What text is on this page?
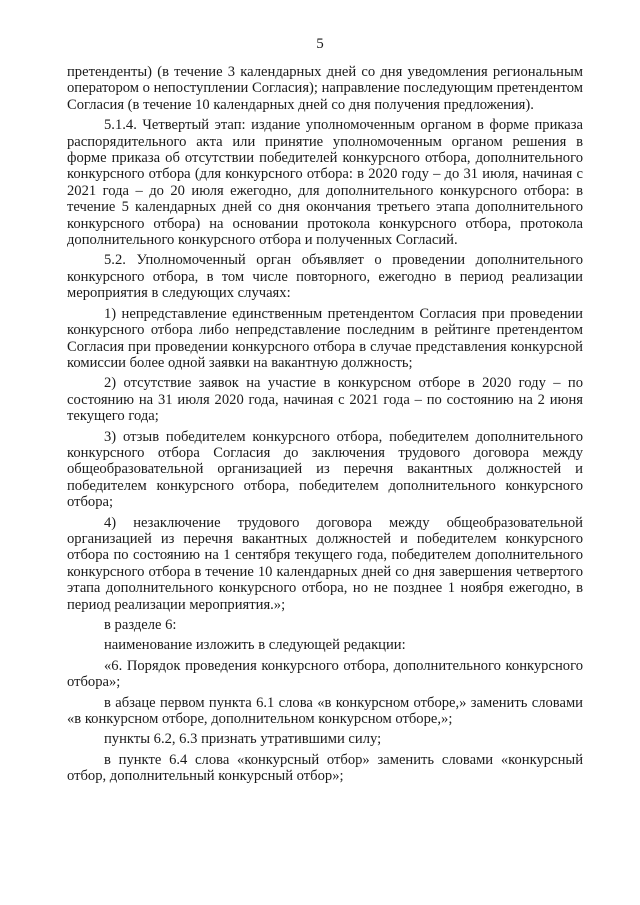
5

претенденты) (в течение 3 календарных дней со дня уведомления региональным оператором о непоступлении Согласия); направление последующим претендентом Согласия (в течение 10 календарных дней со дня получения предложения).

5.1.4. Четвертый этап: издание уполномоченным органом в форме приказа распорядительного акта или принятие уполномоченным органом решения в форме приказа об отсутствии победителей конкурсного отбора, дополнительного конкурсного отбора (для конкурсного отбора: в 2020 году – до 31 июля, начиная с 2021 года – до 20 июля ежегодно, для дополнительного конкурсного отбора: в течение 5 календарных дней со дня окончания третьего этапа дополнительного конкурсного отбора) на основании протокола конкурсного отбора, протокола дополнительного конкурсного отбора и полученных Согласий.

5.2. Уполномоченный орган объявляет о проведении дополнительного конкурсного отбора, в том числе повторного, ежегодно в период реализации мероприятия в следующих случаях:

1) непредставление единственным претендентом Согласия при проведении конкурсного отбора либо непредставление последним в рейтинге претендентом Согласия при проведении конкурсного отбора в случае представления конкурсной комиссии более одной заявки на вакантную должность;

2) отсутствие заявок на участие в конкурсном отборе в 2020 году – по состоянию на 31 июля 2020 года, начиная с 2021 года – по состоянию на 2 июня текущего года;

3) отзыв победителем конкурсного отбора, победителем дополнительного конкурсного отбора Согласия до заключения трудового договора между общеобразовательной организацией из перечня вакантных должностей и победителем конкурсного отбора, победителем дополнительного конкурсного отбора;

4) незаключение трудового договора между общеобразовательной организацией из перечня вакантных должностей и победителем конкурсного отбора по состоянию на 1 сентября текущего года, победителем дополнительного конкурсного отбора в течение 10 календарных дней со дня завершения четвертого этапа дополнительного конкурсного отбора, но не позднее 1 ноября ежегодно, в период реализации мероприятия.»;

в разделе 6:

наименование изложить в следующей редакции:

«6. Порядок проведения конкурсного отбора, дополнительного конкурсного отбора»;

в абзаце первом пункта 6.1 слова «в конкурсном отборе,» заменить словами «в конкурсном отборе, дополнительном конкурсном отборе,»;

пункты 6.2, 6.3 признать утратившими силу;

в пункте 6.4 слова «конкурсный отбор» заменить словами «конкурсный отбор, дополнительный конкурсный отбор»;
